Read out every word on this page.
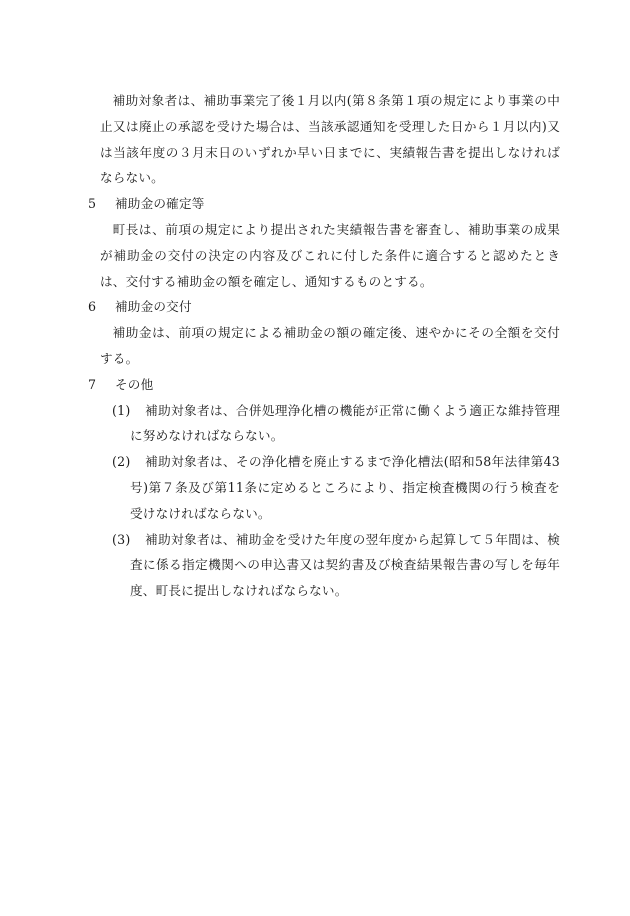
補助対象者は、補助事業完了後１月以内(第８条第１項の規定により事業の中止又は廃止の承認を受けた場合は、当該承認通知を受理した日から１月以内)又は当該年度の３月末日のいずれか早い日までに、実績報告書を提出しなければならない。

5 補助金の確定等

町長は、前項の規定により提出された実績報告書を審査し、補助事業の成果が補助金の交付の決定の内容及びこれに付した条件に適合すると認めたときは、交付する補助金の額を確定し、通知するものとする。

6 補助金の交付

補助金は、前項の規定による補助金の額の確定後、速やかにその全額を交付する。

7 その他
(1)	補助対象者は、合併処理浄化槽の機能が正常に働くよう適正な維持管理に努めなければならない。
(2)	補助対象者は、その浄化槽を廃止するまで浄化槽法(昭和58年法律第43号)第７条及び第11条に定めるところにより、指定検査機関の行う検査を受けなければならない。
(3)	補助対象者は、補助金を受けた年度の翌年度から起算して５年間は、検査に係る指定機関への申込書又は契約書及び検査結果報告書の写しを毎年度、町長に提出しなければならない。
